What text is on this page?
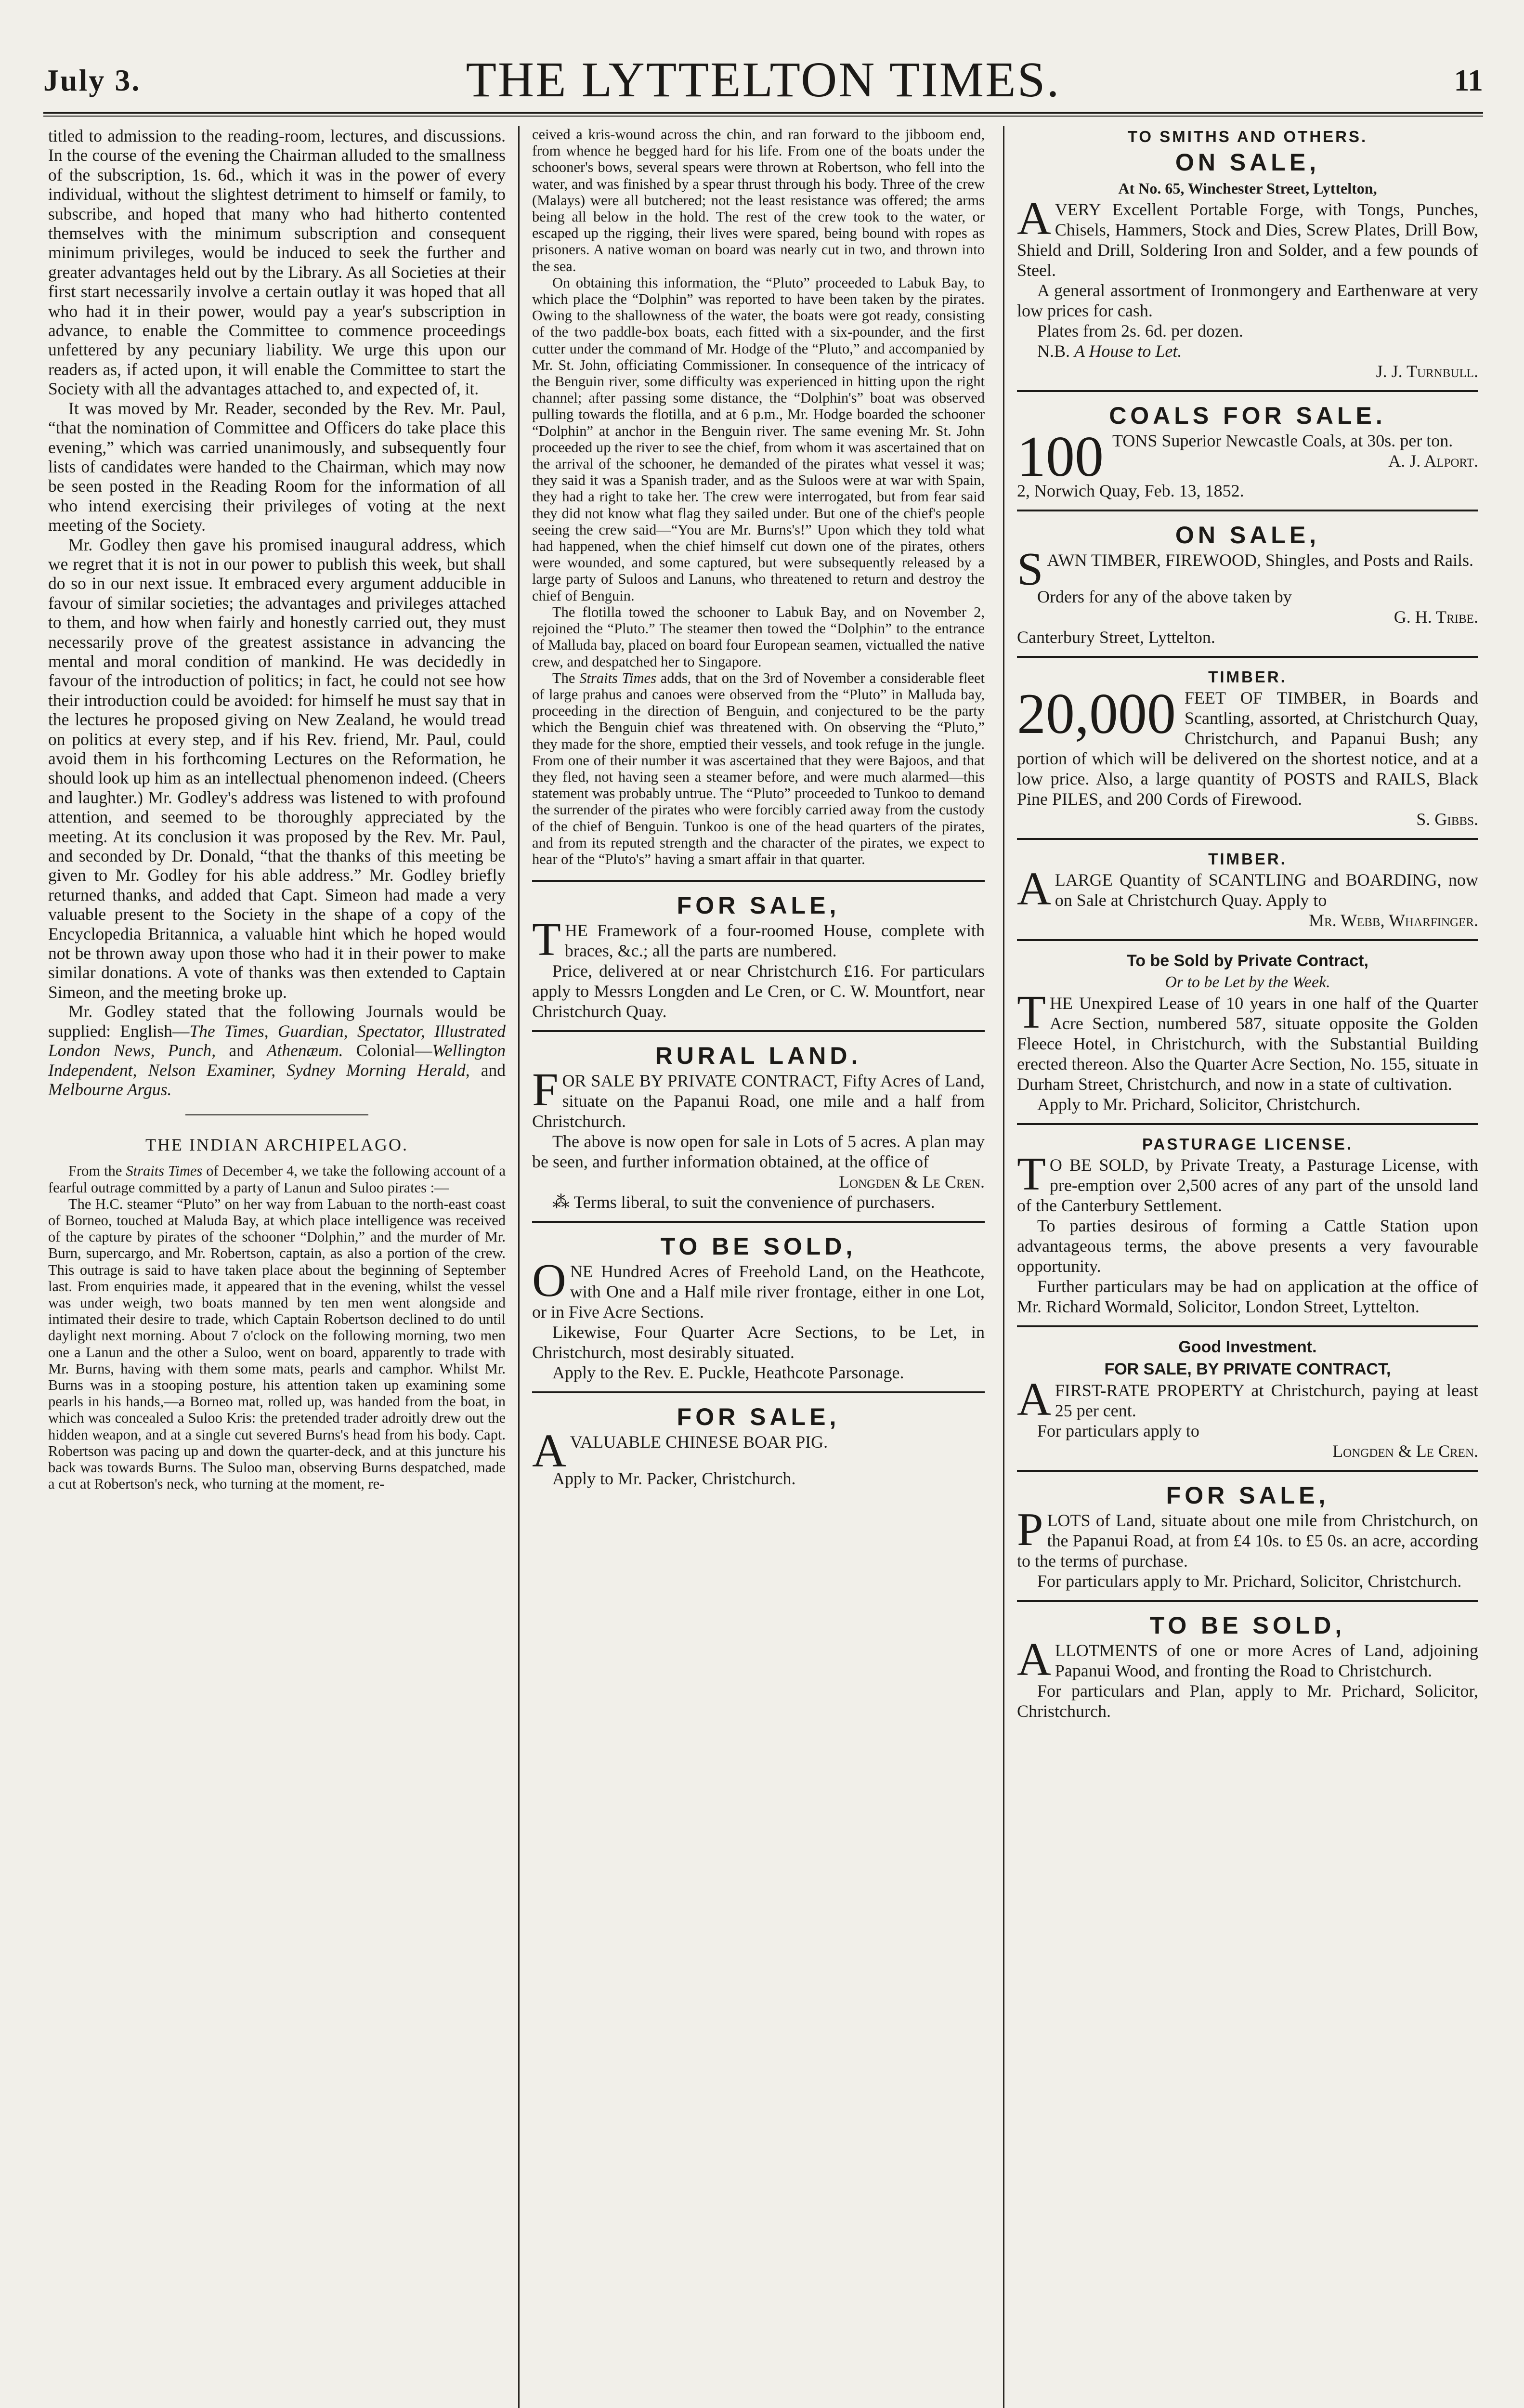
July 3.	THE LYTTELTON TIMES.	11

titled to admission to the reading-room, lectures, and discussions. In the course of the evening the Chairman alluded to the smallness of the subscription, 1s. 6d., which it was in the power of every individual, without the slightest detriment to himself or family, to subscribe, and hoped that many who had hitherto contented themselves with the minimum subscription and consequent minimum privileges, would be induced to seek the further and greater advantages held out by the Library. As all Societies at their first start necessarily involve a certain outlay it was hoped that all who had it in their power, would pay a year's subscription in advance, to enable the Committee to commence proceedings unfettered by any pecuniary liability. We urge this upon our readers as, if acted upon, it will enable the Committee to start the Society with all the advantages attached to, and expected of, it.

It was moved by Mr. Reader, seconded by the Rev. Mr. Paul, “that the nomination of Committee and Officers do take place this evening,” which was carried unanimously, and subsequently four lists of candidates were handed to the Chairman, which may now be seen posted in the Reading Room for the information of all who intend exercising their privileges of voting at the next meeting of the Society.

Mr. Godley then gave his promised inaugural address, which we regret that it is not in our power to publish this week, but shall do so in our next issue. It embraced every argument adducible in favour of similar societies; the advantages and privileges attached to them, and how when fairly and honestly carried out, they must necessarily prove of the greatest assistance in advancing the mental and moral condition of mankind. He was decidedly in favour of the introduction of politics; in fact, he could not see how their introduction could be avoided: for himself he must say that in the lectures he proposed giving on New Zealand, he would tread on politics at every step, and if his Rev. friend, Mr. Paul, could avoid them in his forthcoming Lectures on the Reformation, he should look up him as an intellectual phenomenon indeed. (Cheers and laughter.) Mr. Godley's address was listened to with profound attention, and seemed to be thoroughly appreciated by the meeting. At its conclusion it was proposed by the Rev. Mr. Paul, and seconded by Dr. Donald, “that the thanks of this meeting be given to Mr. Godley for his able address.” Mr. Godley briefly returned thanks, and added that Capt. Simeon had made a very valuable present to the Society in the shape of a copy of the Encyclopedia Britannica, a valuable hint which he hoped would not be thrown away upon those who had it in their power to make similar donations. A vote of thanks was then extended to Captain Simeon, and the meeting broke up.

Mr. Godley stated that the following Journals would be supplied: English—The Times, Guardian, Spectator, Illustrated London News, Punch, and Athenæum. Colonial—Wellington Independent, Nelson Examiner, Sydney Morning Herald, and Melbourne Argus.

THE INDIAN ARCHIPELAGO.

From the Straits Times of December 4, we take the following account of a fearful outrage committed by a party of Lanun and Suloo pirates :—

The H.C. steamer “Pluto” on her way from Labuan to the north-east coast of Borneo, touched at Maluda Bay, at which place intelligence was received of the capture by pirates of the schooner “Dolphin,” and the murder of Mr. Burn, supercargo, and Mr. Robertson, captain, as also a portion of the crew. This outrage is said to have taken place about the beginning of September last. From enquiries made, it appeared that in the evening, whilst the vessel was under weigh, two boats manned by ten men went alongside and intimated their desire to trade, which Captain Robertson declined to do until daylight next morning. About 7 o'clock on the following morning, two men one a Lanun and the other a Suloo, went on board, apparently to trade with Mr. Burns, having with them some mats, pearls and camphor. Whilst Mr. Burns was in a stooping posture, his attention taken up examining some pearls in his hands,—a Borneo mat, rolled up, was handed from the boat, in which was concealed a Suloo Kris: the pretended trader adroitly drew out the hidden weapon, and at a single cut severed Burns's head from his body. Capt. Robertson was pacing up and down the quarter-deck, and at this juncture his back was towards Burns. The Suloo man, observing Burns despatched, made a cut at Robertson's neck, who turning at the moment, re-

ceived a kris-wound across the chin, and ran forward to the jibboom end, from whence he begged hard for his life. From one of the boats under the schooner's bows, several spears were thrown at Robertson, who fell into the water, and was finished by a spear thrust through his body. Three of the crew (Malays) were all butchered; not the least resistance was offered; the arms being all below in the hold. The rest of the crew took to the water, or escaped up the rigging, their lives were spared, being bound with ropes as prisoners. A native woman on board was nearly cut in two, and thrown into the sea.

On obtaining this information, the “Pluto” proceeded to Labuk Bay, to which place the “Dolphin” was reported to have been taken by the pirates. Owing to the shallowness of the water, the boats were got ready, consisting of the two paddle-box boats, each fitted with a six-pounder, and the first cutter under the command of Mr. Hodge of the “Pluto,” and accompanied by Mr. St. John, officiating Commissioner. In consequence of the intricacy of the Benguin river, some difficulty was experienced in hitting upon the right channel; after passing some distance, the “Dolphin's” boat was observed pulling towards the flotilla, and at 6 p.m., Mr. Hodge boarded the schooner “Dolphin” at anchor in the Benguin river. The same evening Mr. St. John proceeded up the river to see the chief, from whom it was ascertained that on the arrival of the schooner, he demanded of the pirates what vessel it was; they said it was a Spanish trader, and as the Suloos were at war with Spain, they had a right to take her. The crew were interrogated, but from fear said they did not know what flag they sailed under. But one of the chief's people seeing the crew said—“You are Mr. Burns's!” Upon which they told what had happened, when the chief himself cut down one of the pirates, others were wounded, and some captured, but were subsequently released by a large party of Suloos and Lanuns, who threatened to return and destroy the chief of Benguin.

The flotilla towed the schooner to Labuk Bay, and on November 2, rejoined the “Pluto.” The steamer then towed the “Dolphin” to the entrance of Malluda bay, placed on board four European seamen, victualled the native crew, and despatched her to Singapore.

The Straits Times adds, that on the 3rd of November a considerable fleet of large prahus and canoes were observed from the “Pluto” in Malluda bay, proceeding in the direction of Benguin, and conjectured to be the party which the Benguin chief was threatened with. On observing the “Pluto,” they made for the shore, emptied their vessels, and took refuge in the jungle. From one of their number it was ascertained that they were Bajoos, and that they fled, not having seen a steamer before, and were much alarmed—this statement was probably untrue. The “Pluto” proceeded to Tunkoo to demand the surrender of the pirates who were forcibly carried away from the custody of the chief of Benguin. Tunkoo is one of the head quarters of the pirates, and from its reputed strength and the character of the pirates, we expect to hear of the “Pluto's” having a smart affair in that quarter.

FOR SALE,

THE Framework of a four-roomed House, complete with braces, &c.; all the parts are numbered.

Price, delivered at or near Christchurch £16. For particulars apply to Messrs Longden and Le Cren, or C. W. Mountfort, near Christchurch Quay.

RURAL LAND.

FOR SALE BY PRIVATE CONTRACT, Fifty Acres of Land, situate on the Papanui Road, one mile and a half from Christchurch.

The above is now open for sale in Lots of 5 acres. A plan may be seen, and further information obtained, at the office of

Longden & Le Cren.

⁂ Terms liberal, to suit the convenience of purchasers.

TO BE SOLD,

ONE Hundred Acres of Freehold Land, on the Heathcote, with One and a Half mile river frontage, either in one Lot, or in Five Acre Sections.

Likewise, Four Quarter Acre Sections, to be Let, in Christchurch, most desirably situated.

Apply to the Rev. E. Puckle, Heathcote Parsonage.

FOR SALE,

AVALUABLE CHINESE BOAR PIG.

Apply to Mr. Packer, Christchurch.

TO SMITHS AND OTHERS.
ON SALE,
At No. 65, Winchester Street, Lyttelton,

AVERY Excellent Portable Forge, with Tongs, Punches, Chisels, Hammers, Stock and Dies, Screw Plates, Drill Bow, Shield and Drill, Soldering Iron and Solder, and a few pounds of Steel.

A general assortment of Ironmongery and Earthenware at very low prices for cash.

Plates from 2s. 6d. per dozen.

N.B. A House to Let.

J. J. Turnbull.

COALS FOR SALE.

100 TONS Superior Newcastle Coals, at 30s. per ton.

A. J. Alport.

2, Norwich Quay, Feb. 13, 1852.

ON SALE,

SAWN TIMBER, FIREWOOD, Shingles, and Posts and Rails.

Orders for any of the above taken by

G. H. Tribe.

Canterbury Street, Lyttelton.

TIMBER.

20,000 FEET OF TIMBER, in Boards and Scantling, assorted, at Christchurch Quay, Christchurch, and Papanui Bush; any portion of which will be delivered on the shortest notice, and at a low price. Also, a large quantity of POSTS and RAILS, Black Pine PILES, and 200 Cords of Firewood.

S. Gibbs.

TIMBER.

ALARGE Quantity of SCANTLING and BOARDING, now on Sale at Christchurch Quay. Apply to

Mr. Webb, Wharfinger.

To be Sold by Private Contract,
Or to be Let by the Week.

THE Unexpired Lease of 10 years in one half of the Quarter Acre Section, numbered 587, situate opposite the Golden Fleece Hotel, in Christchurch, with the Substantial Building erected thereon. Also the Quarter Acre Section, No. 155, situate in Durham Street, Christchurch, and now in a state of cultivation.

Apply to Mr. Prichard, Solicitor, Christchurch.

PASTURAGE LICENSE.

T O BE SOLD, by Private Treaty, a Pasturage License, with pre-emption over 2,500 acres of any part of the unsold land of the Canterbury Settlement.

To parties desirous of forming a Cattle Station upon advantageous terms, the above presents a very favourable opportunity.

Further particulars may be had on application at the office of Mr. Richard Wormald, Solicitor, London Street, Lyttelton.

Good Investment.
FOR SALE, BY PRIVATE CONTRACT,

AFIRST-RATE PROPERTY at Christchurch, paying at least 25 per cent.

For particulars apply to

Longden & Le Cren.

FOR SALE,

PLOTS of Land, situate about one mile from Christchurch, on the Papanui Road, at from £4 10s. to £5 0s. an acre, according to the terms of purchase.

For particulars apply to Mr. Prichard, Solicitor, Christchurch.

TO BE SOLD,

ALLOTMENTS of one or more Acres of Land, adjoining Papanui Wood, and fronting the Road to Christchurch.

For particulars and Plan, apply to Mr. Prichard, Solicitor, Christchurch.
